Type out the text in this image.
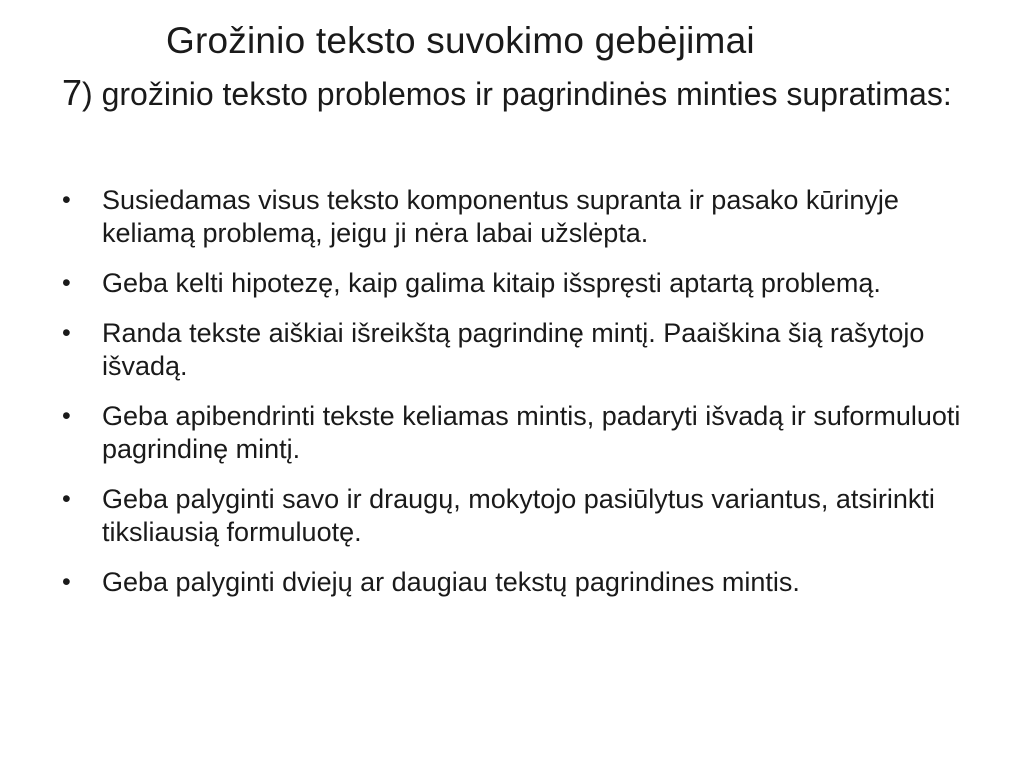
Grožinio teksto suvokimo gebėjimai

7) grožinio teksto problemos ir pagrindinės minties supratimas:

•	Susiedamas visus teksto komponentus supranta ir pasako kūrinyje keliamą problemą, jeigu ji nėra labai užslėpta.
•	Geba kelti hipotezę, kaip galima kitaip išspręsti aptartą problemą.
•	Randa tekste aiškiai išreikštą pagrindinę mintį. Paaiškina šią rašytojo išvadą.
•	Geba apibendrinti tekste keliamas mintis, padaryti išvadą ir suformuluoti pagrindinę mintį.
•	Geba palyginti savo ir draugų, mokytojo pasiūlytus variantus, atsirinkti tiksliausią formuluotę.
•	Geba palyginti dviejų ar daugiau tekstų pagrindines mintis.
